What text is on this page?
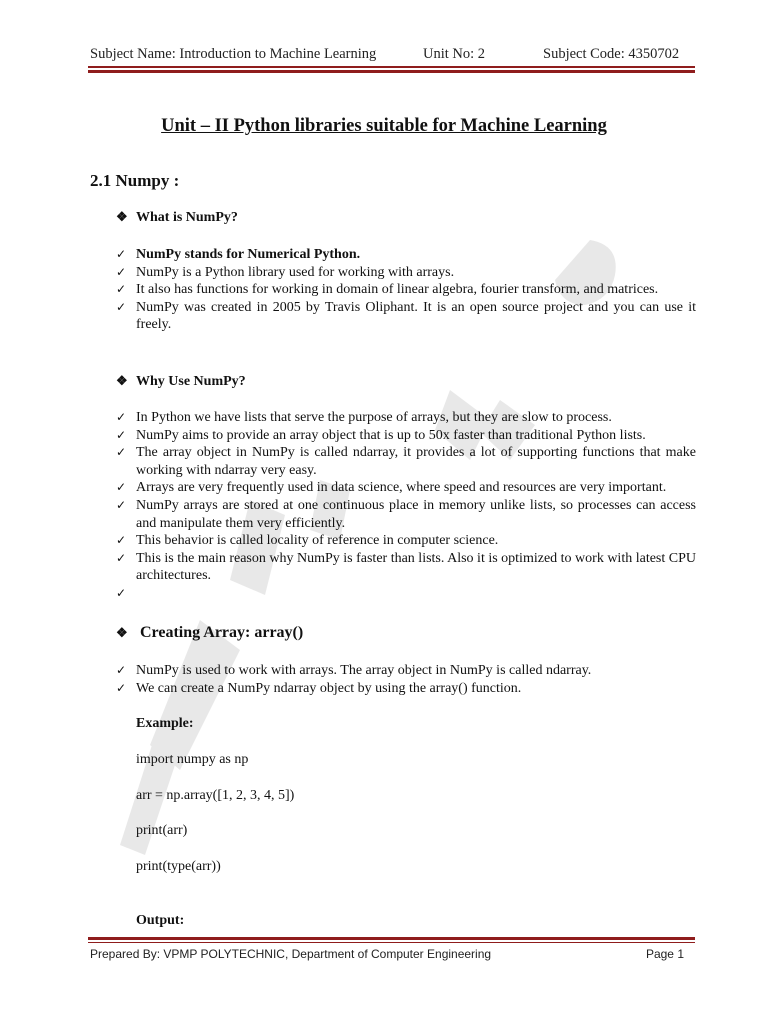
Subject Name: Introduction to Machine Learning	Unit No: 2	Subject Code: 4350702
Unit – II Python libraries suitable for Machine Learning
2.1 Numpy :
❖ What is NumPy?
✓ NumPy stands for Numerical Python.
✓ NumPy is a Python library used for working with arrays.
✓ It also has functions for working in domain of linear algebra, fourier transform, and matrices.
✓ NumPy was created in 2005 by Travis Oliphant. It is an open source project and you can use it freely.
❖ Why Use NumPy?
✓ In Python we have lists that serve the purpose of arrays, but they are slow to process.
✓ NumPy aims to provide an array object that is up to 50x faster than traditional Python lists.
✓ The array object in NumPy is called ndarray, it provides a lot of supporting functions that make working with ndarray very easy.
✓ Arrays are very frequently used in data science, where speed and resources are very important.
✓ NumPy arrays are stored at one continuous place in memory unlike lists, so processes can access and manipulate them very efficiently.
✓ This behavior is called locality of reference in computer science.
✓ This is the main reason why NumPy is faster than lists. Also it is optimized to work with latest CPU architectures.
✓
❖ Creating Array: array()
✓ NumPy is used to work with arrays. The array object in NumPy is called ndarray.
✓ We can create a NumPy ndarray object by using the array() function.
Example:
import numpy as np
arr = np.array([1, 2, 3, 4, 5])
print(arr)
print(type(arr))
Output:
Prepared By: VPMP POLYTECHNIC, Department of Computer Engineering	Page 1
